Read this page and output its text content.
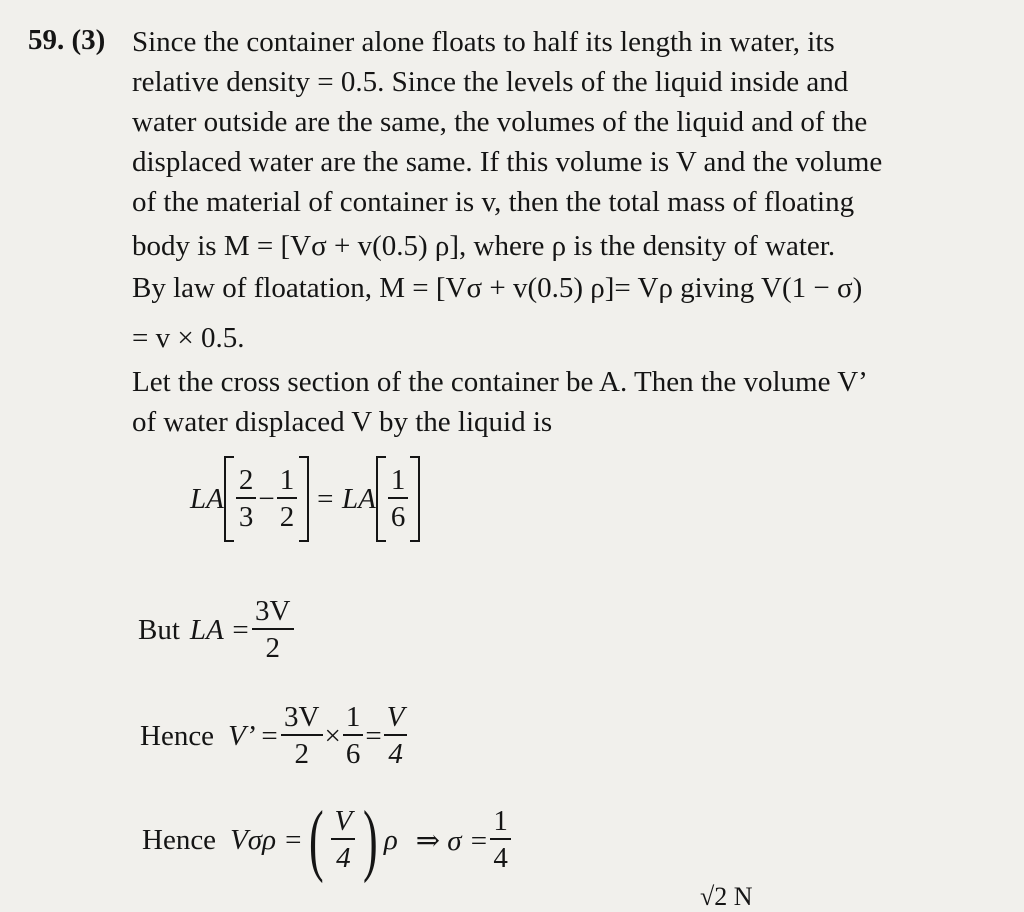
59. (3) Since the container alone floats to half its length in water, its
relative density = 0.5. Since the levels of the liquid inside and
water outside are the same, the volumes of the liquid and of the
displaced water are the same. If this volume is V and the volume
of the material of container is v, then the total mass of floating
body is M = [Vσ + v(0.5) ρ], where ρ is the density of water.
By law of floatation, M = [Vσ + v(0.5) ρ]= Vρ giving V(1 − σ)
= v × 0.5.
Let the cross section of the container be A. Then the volume V’
of water displaced V by the liquid is
LA $\frac{2}{3} - \frac{1}{2}$ = LA $\frac{1}{6}$
But LA = $\frac{3V}{2}$
Hence V’ = $\frac{3V}{2} \times \frac{1}{6} = \frac{V}{4}$
Hence Vσρ = ( $\frac{V}{4}$ ) ρ ⇒ $\sigma = \frac{1}{4}$
√2 N
